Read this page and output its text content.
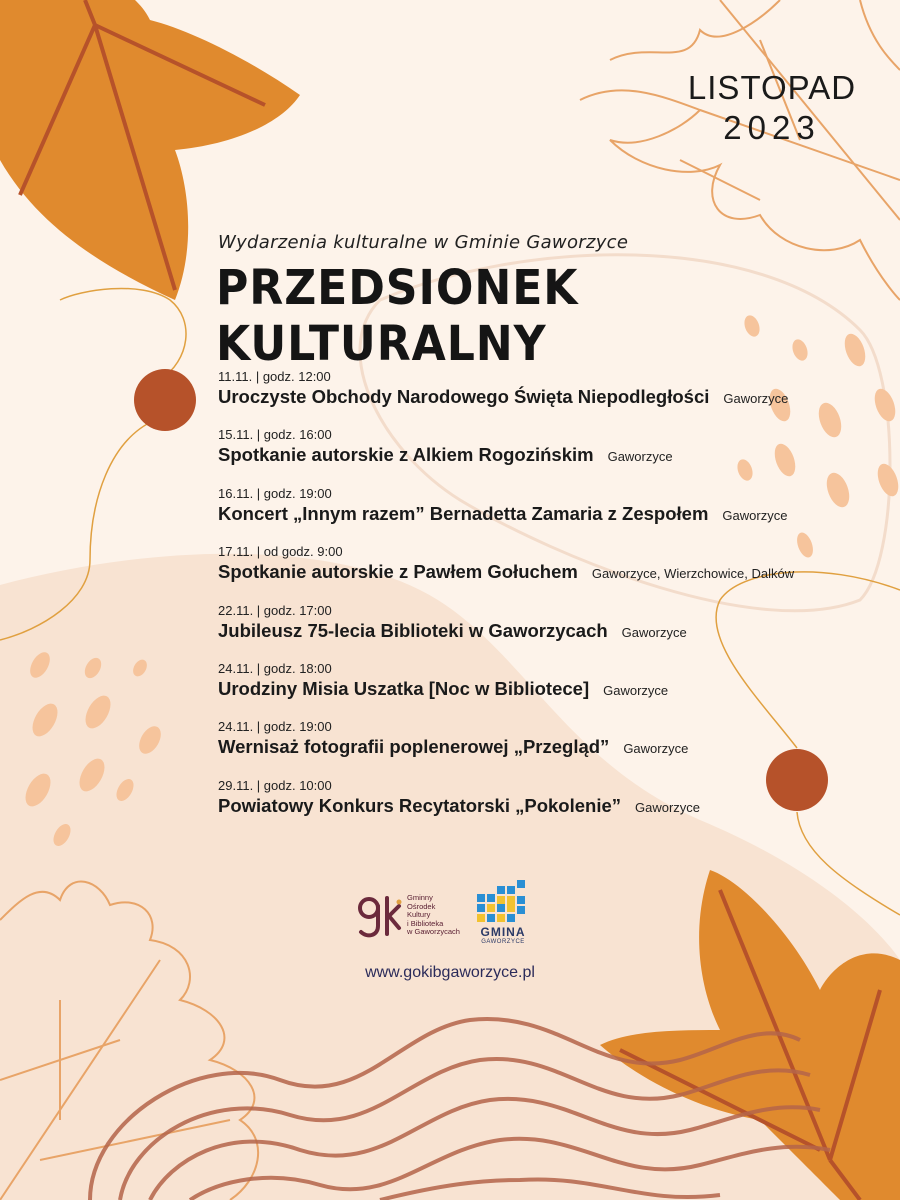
LISTOPAD
2023
Wydarzenia kulturalne w Gminie Gaworzyce
PRZEDSIONEK KULTURALNY
11.11. | godz. 12:00
Uroczyste Obchody Narodowego Święta Niepodległości Gaworzyce
15.11. | godz. 16:00
Spotkanie autorskie z Alkiem Rogozińskim Gaworzyce
16.11. | godz. 19:00
Koncert „Innym razem” Bernadetta Zamaria z Zespołem Gaworzyce
17.11. | od godz. 9:00
Spotkanie autorskie z Pawłem Gołuchem Gaworzyce, Wierzchowice, Dalków
22.11. | godz. 17:00
Jubileusz 75-lecia Biblioteki w Gaworzycach Gaworzyce
24.11. | godz. 18:00
Urodziny Misia Uszatka [Noc w Bibliotece] Gaworzyce
24.11. | godz. 19:00
Wernisaż fotografii poplenerowej „Przegląd” Gaworzyce
29.11. | godz. 10:00
Powiatowy Konkurs Recytatorski „Pokolenie” Gaworzyce
Gminny
Ośrodek
Kultury
i Biblioteka
w Gaworzycach	GMINA
GAWORZYCE
www.gokibgaworzyce.pl
